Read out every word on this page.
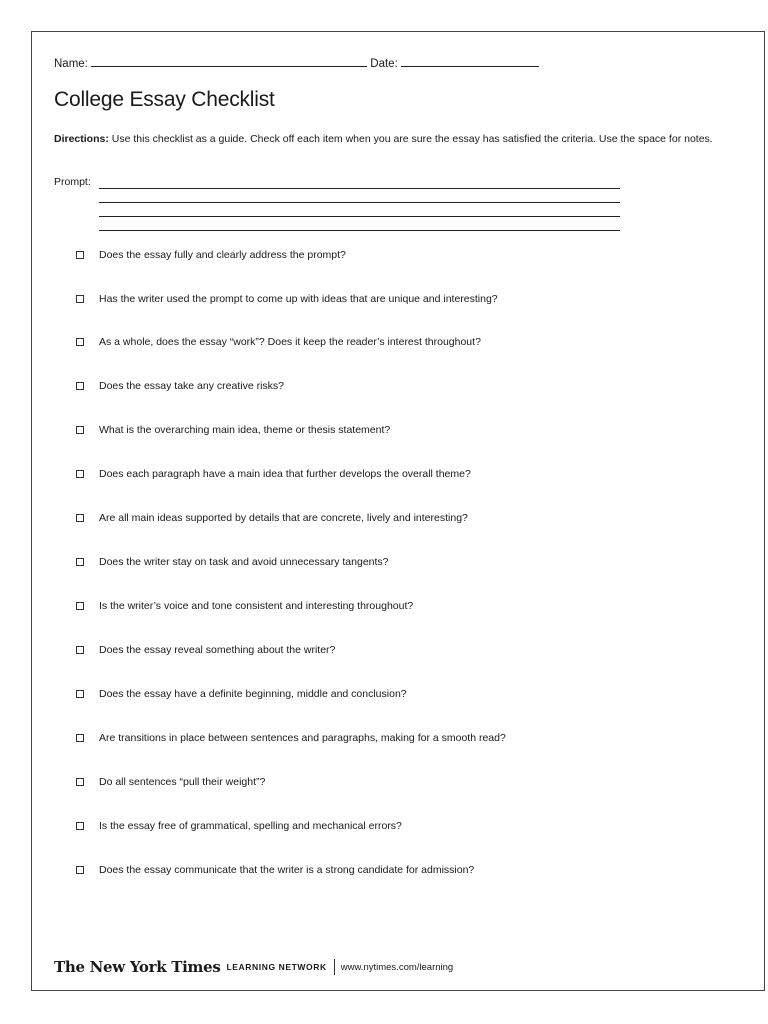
Name:	Date:
College Essay Checklist
Directions: Use this checklist as a guide. Check off each item when you are sure the essay has satisfied the criteria. Use the space for notes.
Prompt:
Does the essay fully and clearly address the prompt?
Has the writer used the prompt to come up with ideas that are unique and interesting?
As a whole, does the essay “work”? Does it keep the reader’s interest throughout?
Does the essay take any creative risks?
What is the overarching main idea, theme or thesis statement?
Does each paragraph have a main idea that further develops the overall theme?
Are all main ideas supported by details that are concrete, lively and interesting?
Does the writer stay on task and avoid unnecessary tangents?
Is the writer’s voice and tone consistent and interesting throughout?
Does the essay reveal something about the writer?
Does the essay have a definite beginning, middle and conclusion?
Are transitions in place between sentences and paragraphs, making for a smooth read?
Do all sentences “pull their weight”?
Is the essay free of grammatical, spelling and mechanical errors?
Does the essay communicate that the writer is a strong candidate for admission?
The New York Times LEARNING NETWORK www.nytimes.com/learning
